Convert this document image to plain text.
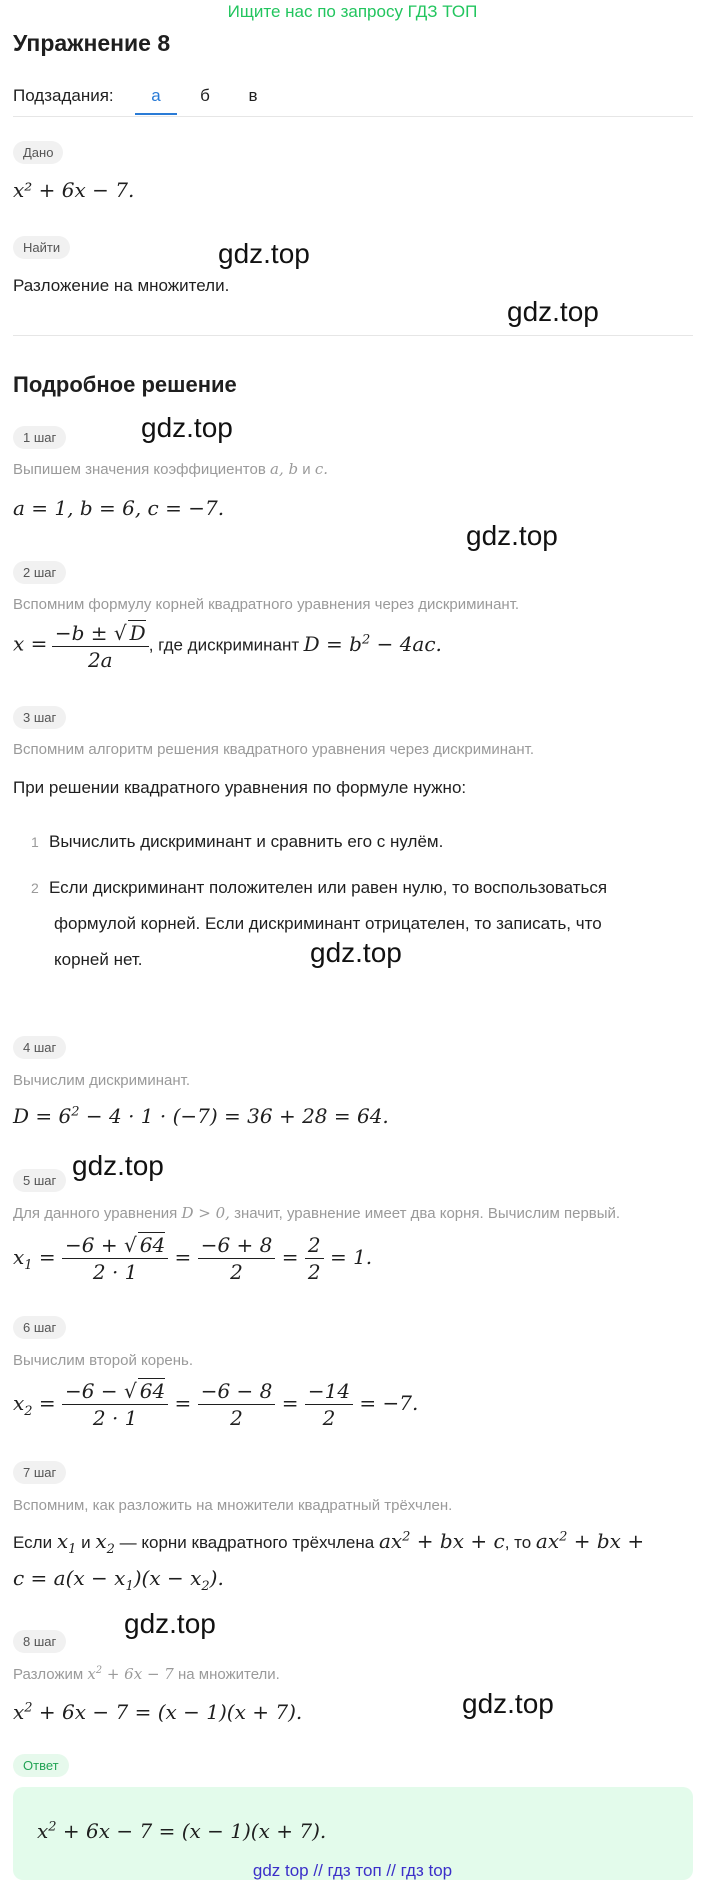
Ищите нас по запросу ГДЗ ТОП
Упражнение 8
Подзадания:	а	б	в
Дано
x² + 6x − 7.
Найти
Разложение на множители.
gdz.top
gdz.top
gdz.top
gdz.top
gdz.top
gdz.top
gdz.top
gdz.top
Подробное решение
1 шаг
Выпишем значения коэффициентов a, b и c.
a = 1, b = 6, c = −7.
2 шаг
Вспомним формулу корней квадратного уравнения через дискриминант.
$x = \frac{-b \pm √ D}{2a}$ , где дискриминант $D = b^2 - 4ac$.
3 шаг
Вспомним алгоритм решения квадратного уравнения через дискриминант.
При решении квадратного уравнения по формуле нужно:
1 Вычислить дискриминант и сравнить его с нулём.
2 Если дискриминант положителен или равен нулю, то воспользоваться
формулой корней. Если дискриминант отрицателен, то записать, что
корней нет.
4 шаг
Вычислим дискриминант.
$D = 6^2 - 4 \cdot 1 \cdot (-7) = 36 + 28 = 64$.
5 шаг
Для данного уравнения D > 0, значит, уравнение имеет два корня. Вычислим первый.
$x_1 = \frac{-6 + √ 64}{2 \cdot 1} = \frac{-6 + 8}{2} = \frac{2}{2} = 1$.
6 шаг
Вычислим второй корень.
$x_2 = \frac{-6 - √ 64}{2 \cdot 1} = \frac{-6 - 8}{2} = \frac{-14}{2} = -7$.
7 шаг
Вспомним, как разложить на множители квадратный трёхчлен.
Если $x_1$ и $x_2$ — корни квадратного трёхчлена $ax^2$ + bx + c, то $ax^2$ + bx +
$c = a(x - x_1)(x - x_2)$.
8 шаг
Разложим $x^2 + 6x - 7$ на множители.
$x^2 + 6x - 7 = (x - 1)(x + 7)$.
Ответ
$x^2 + 6x - 7 = (x - 1)(x + 7)$.
gdz top // гдз топ // гдз top
